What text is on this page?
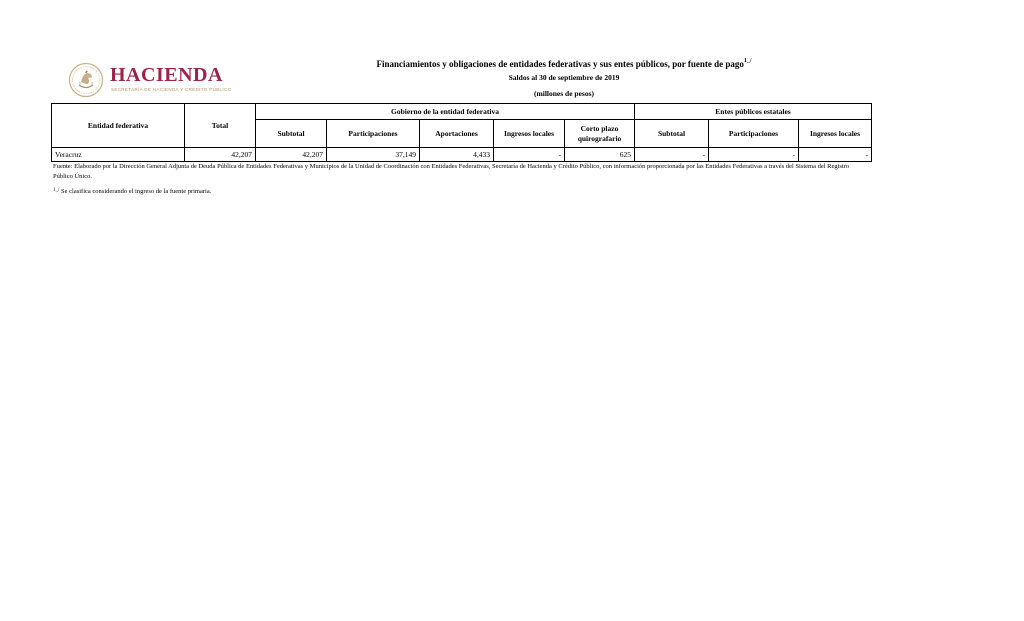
HACIENDA
SECRETARÍA DE HACIENDA Y CRÉDITO PÚBLICO
Financiamientos y obligaciones de entidades federativas y sus entes públicos, por fuente de pago$^{1\_/}$
Saldos al 30 de septiembre de 2019
(millones de pesos)
Entidad federativa	Total	Gobierno de la entidad federativa					Entes públicos estatales		
		Subtotal	Participaciones	Aportaciones	Ingresos locales	Corto plazo quirografario	Subtotal	Participaciones	Ingresos locales
Veracruz	42,207	42,207	37,149	4,433	-	625	-	-	-
Fuente: Elaborado por la Dirección General Adjunta de Deuda Pública de Entidades Federativas y Municipios de la Unidad de Coordinación con Entidades Federativas, Secretaría de Hacienda y Crédito Público, con información proporcionada por las Entidades Federativas a través del Sistema del Registro Público Único.
$^{1\_/}$ Se clasifica considerando el ingreso de la fuente primaria.
